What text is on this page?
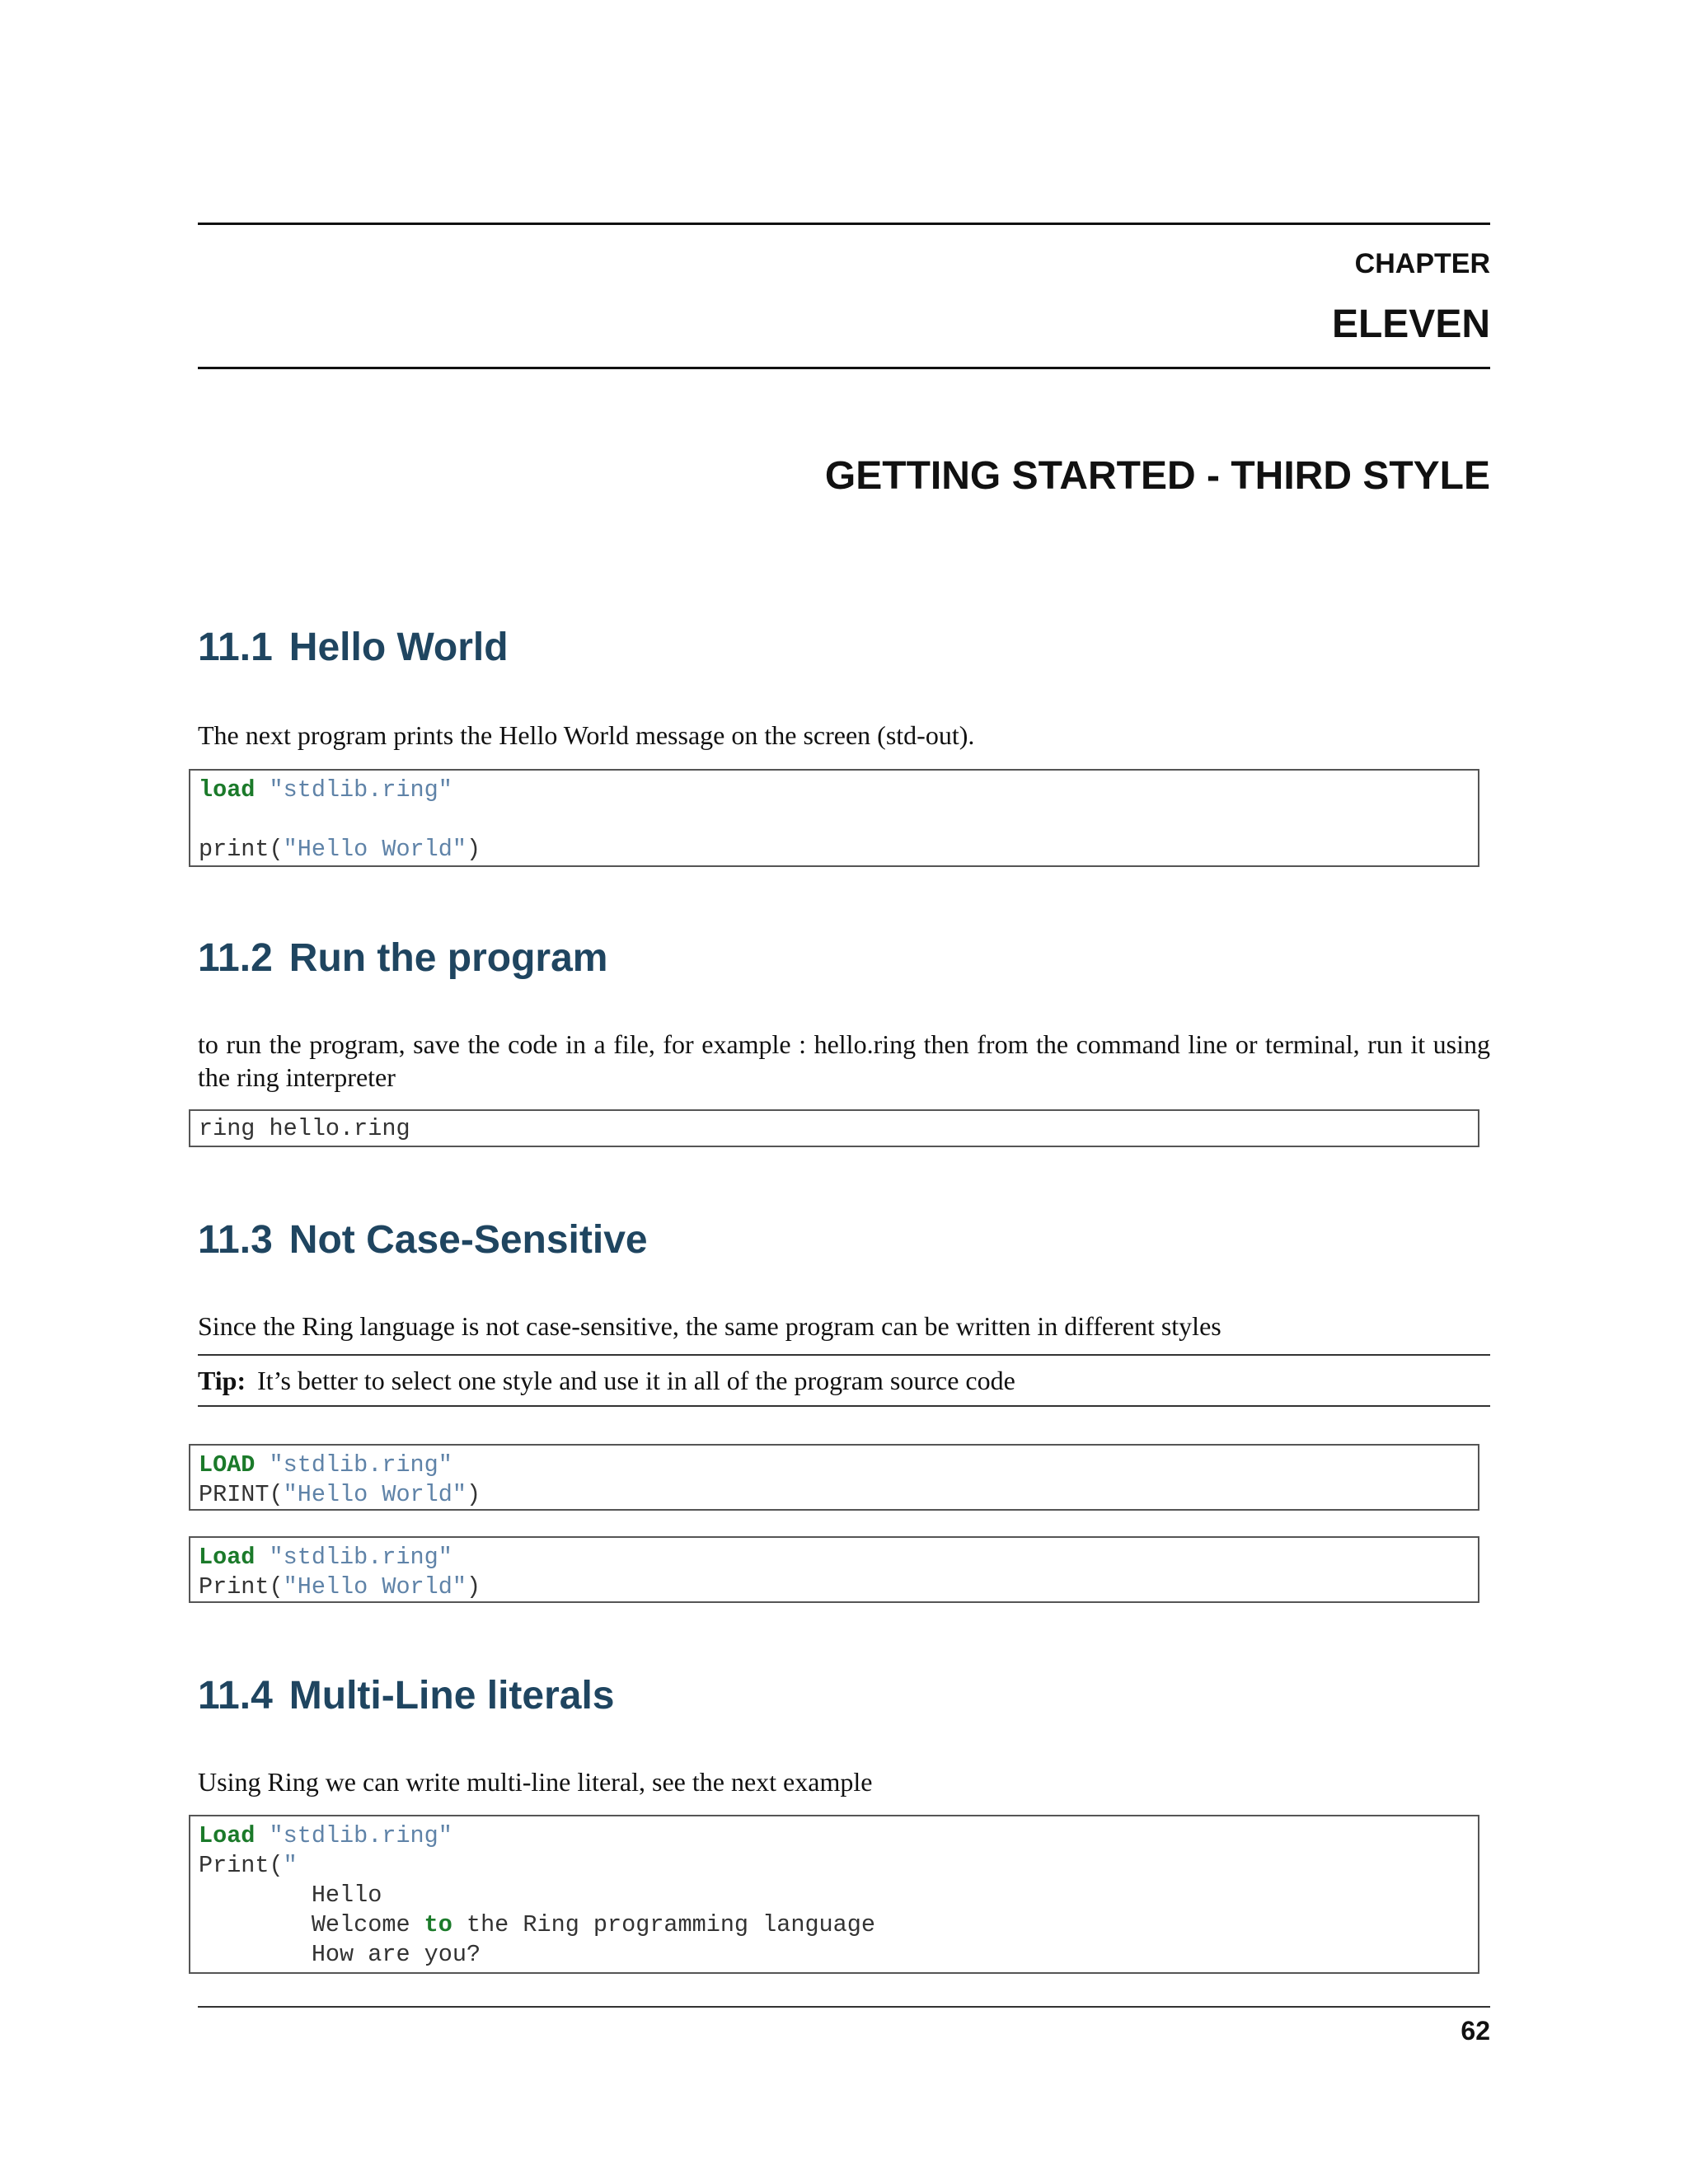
CHAPTER
ELEVEN
GETTING STARTED - THIRD STYLE
11.1 Hello World
The next program prints the Hello World message on the screen (std-out).
load "stdlib.ring"
print("Hello World")
11.2 Run the program
to run the program, save the code in a file, for example : hello.ring then from the command line or terminal, run it using the ring interpreter
ring hello.ring
11.3 Not Case-Sensitive
Since the Ring language is not case-sensitive, the same program can be written in different styles
Tip: It’s better to select one style and use it in all of the program source code
LOAD "stdlib.ring"
PRINT("Hello World")
Load "stdlib.ring"
Print("Hello World")
11.4 Multi-Line literals
Using Ring we can write multi-line literal, see the next example
Load "stdlib.ring"
Print("
Hello
Welcome to the Ring programming language
How are you?
62
